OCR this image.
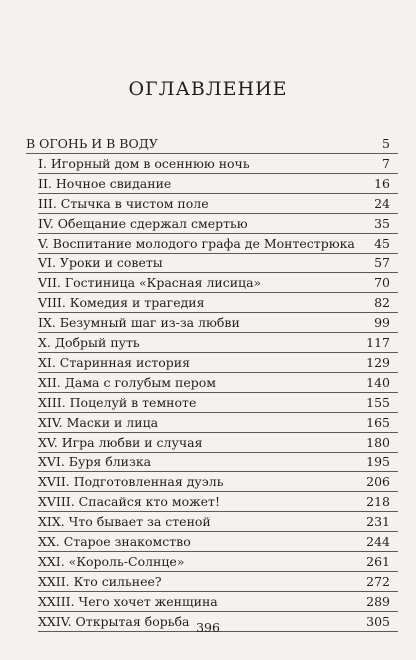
ОГЛАВЛЕНИЕ
В ОГОНЬ И В ВОДУ	5
I. Игорный дом в осеннюю ночь	7
II. Ночное свидание	16
III. Стычка в чистом поле	24
IV. Обещание сдержал смертью	35
V. Воспитание молодого графа де Монтестрюка 45
VI. Уроки и советы	57
VII. Гостиница «Красная лисица»	70
VIII. Комедия и трагедия	82
IX. Безумный шаг из-за любви	99
X. Добрый путь	117
XI. Старинная история	129
XII. Дама с голубым пером	140
XIII. Поцелуй в темноте	155
XIV. Маски и лица	165
XV. Игра любви и случая	180
XVI. Буря близка	195
XVII. Подготовленная дуэль	206
XVIII. Спасайся кто может!	218
XIX. Что бывает за стеной	231
XX. Старое знакомство	244
XXI. «Король-Солнце»	261
XXII. Кто сильнее?	272
XXIII. Чего хочет женщина	289
XXIV. Открытая борьба	305
396
